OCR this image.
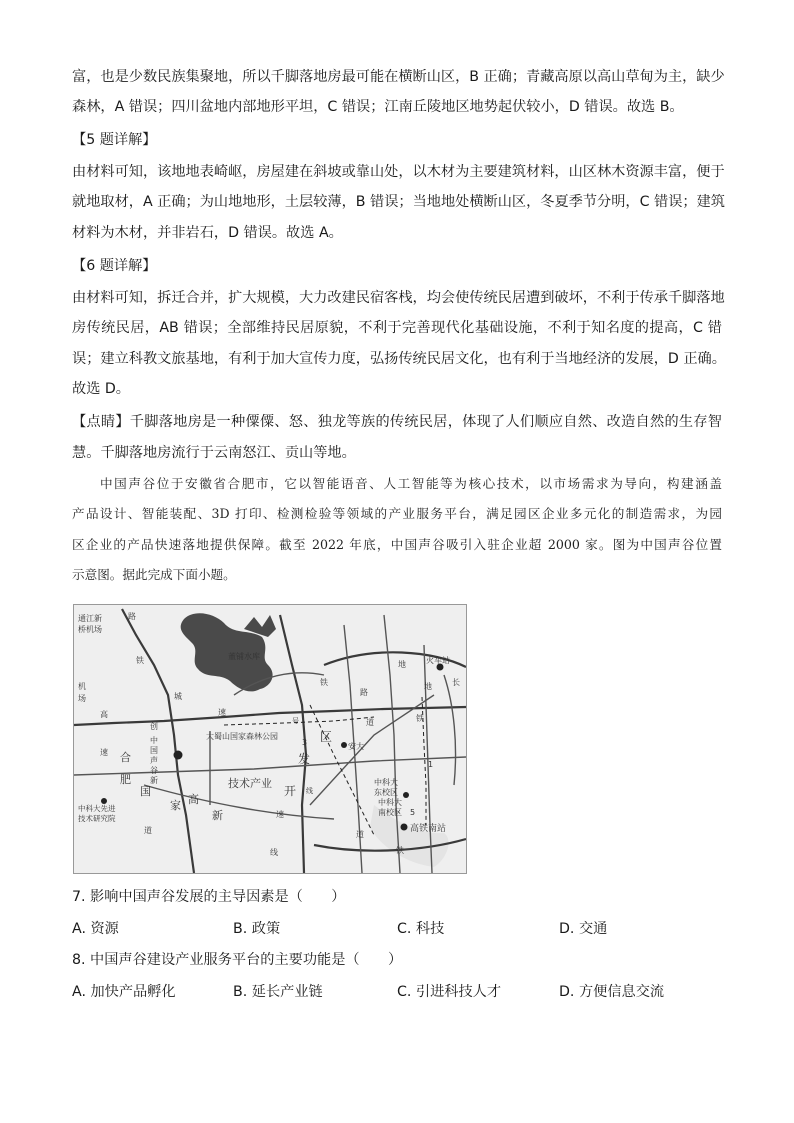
富，也是少数民族集聚地，所以千脚落地房最可能在横断山区，B 正确；青藏高原以高山草甸为主，缺少
森林，A 错误；四川盆地内部地形平坦，C 错误；江南丘陵地区地势起伏较小，D 错误。故选 B。
【5 题详解】
由材料可知，该地地表崎岖，房屋建在斜坡或靠山处，以木材为主要建筑材料，山区林木资源丰富，便于
就地取材，A 正确；为山地地形，土层较薄，B 错误；当地地处横断山区，冬夏季节分明，C 错误；建筑
材料为木材，并非岩石，D 错误。故选 A。
【6 题详解】
由材料可知，拆迁合并，扩大规模，大力改建民宿客栈，均会使传统民居遭到破坏，不利于传承千脚落地
房传统民居，AB 错误；全部维持民居原貌，不利于完善现代化基础设施，不利于知名度的提高，C 错
误；建立科教文旅基地，有利于加大宣传力度，弘扬传统民居文化，也有利于当地经济的发展，D 正确。
故选 D。
【点睛】千脚落地房是一种僳僳、怒、独龙等族的传统民居，体现了人们顺应自然、改造自然的生存智
慧。千脚落地房流行于云南怒江、贡山等地。
中国声谷位于安徽省合肥市，它以智能语音、人工智能等为核心技术，以市场需求为导向，构建涵盖
产品设计、智能装配、3D 打印、检测检验等领域的产业服务平台，满足园区企业多元化的制造需求，为园
区企业的产品快速落地提供保障。截至 2022 年底，中国声谷吸引入驻企业超 2000 家。图为中国声谷位置
示意图。据此完成下面小题。
董铺水库
大蜀山国家森林公园
火车站
高铁南站
通江新
桥机场
中科大
东校区
中科大
南校区
中科大先进
技术研究院
安大
中
国
声
谷
合
肥
国
家 高
新
技术产业
开
发
区
铁
铁
地
地
铁
机
场
高
速
道
路
城
速
道
速
线
创
新
道
路
铁
3
1
5
号
线
长
7. 影响中国声谷发展的主导因素是（　　）
A. 资源	B. 政策	C. 科技	D. 交通
8. 中国声谷建设产业服务平台的主要功能是（　　）
A. 加快产品孵化	B. 延长产业链	C. 引进科技人才	D. 方便信息交流
